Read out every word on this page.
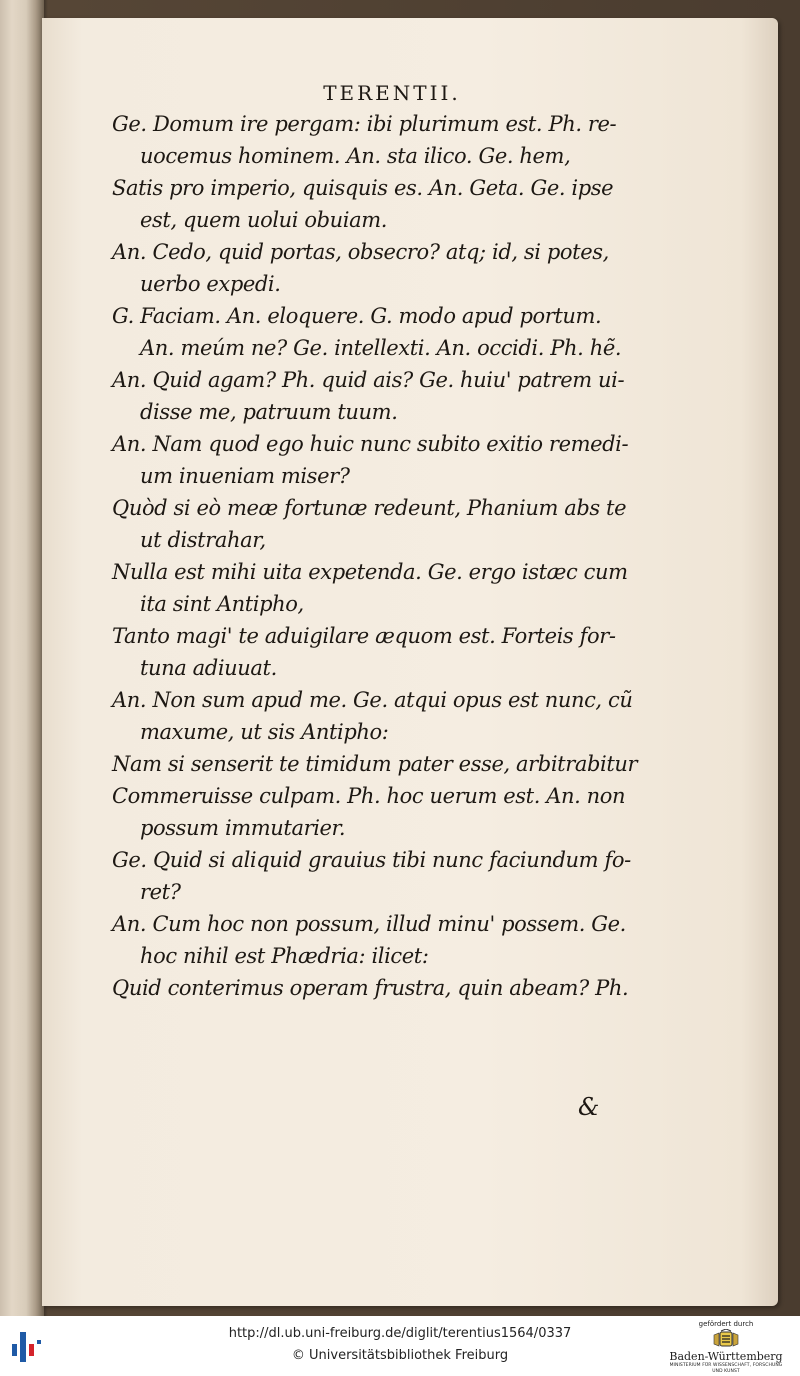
TERENTII.
Ge. Domum ire pergam: ibi plurimum est. Ph. re-
uocemus hominem. An. sta ilico. Ge. hem,
Satis pro imperio, quisquis es. An. Geta. Ge. ipse
est, quem uolui obuiam.
An. Cedo, quid portas, obsecro? atq; id, si potes,
uerbo expedi.
G. Faciam. An. eloquere. G. modo apud portum.
An. meúm ne? Ge. intellexti. An. occidi. Ph. hẽ.
An. Quid agam? Ph. quid ais? Ge. huiu' patrem ui-
disse me, patruum tuum.
An. Nam quod ego huic nunc subito exitio remedi-
um inueniam miser?
Quòd si eò meæ fortunæ redeunt, Phanium abs te
ut distrahar,
Nulla est mihi uita expetenda. Ge. ergo istæc cum
ita sint Antipho,
Tanto magi' te aduigilare æquom est. Forteis for-
tuna adiuuat.
An. Non sum apud me. Ge. atqui opus est nunc, cũ
maxume, ut sis Antipho:
Nam si senserit te timidum pater esse, arbitrabitur
Commeruisse culpam. Ph. hoc uerum est. An. non
possum immutarier.
Ge. Quid si aliquid grauius tibi nunc faciundum fo-
ret?
An. Cum hoc non possum, illud minu' possem. Ge.
hoc nihil est Phædria: ilicet:
Quid conterimus operam frustra, quin abeam? Ph.
&
http://dl.ub.uni-freiburg.de/diglit/terentius1564/0337
© Universitätsbibliothek Freiburg
gefördert durch
Baden-Württemberg
MINISTERIUM FÜR WISSENSCHAFT, FORSCHUNG UND KUNST
